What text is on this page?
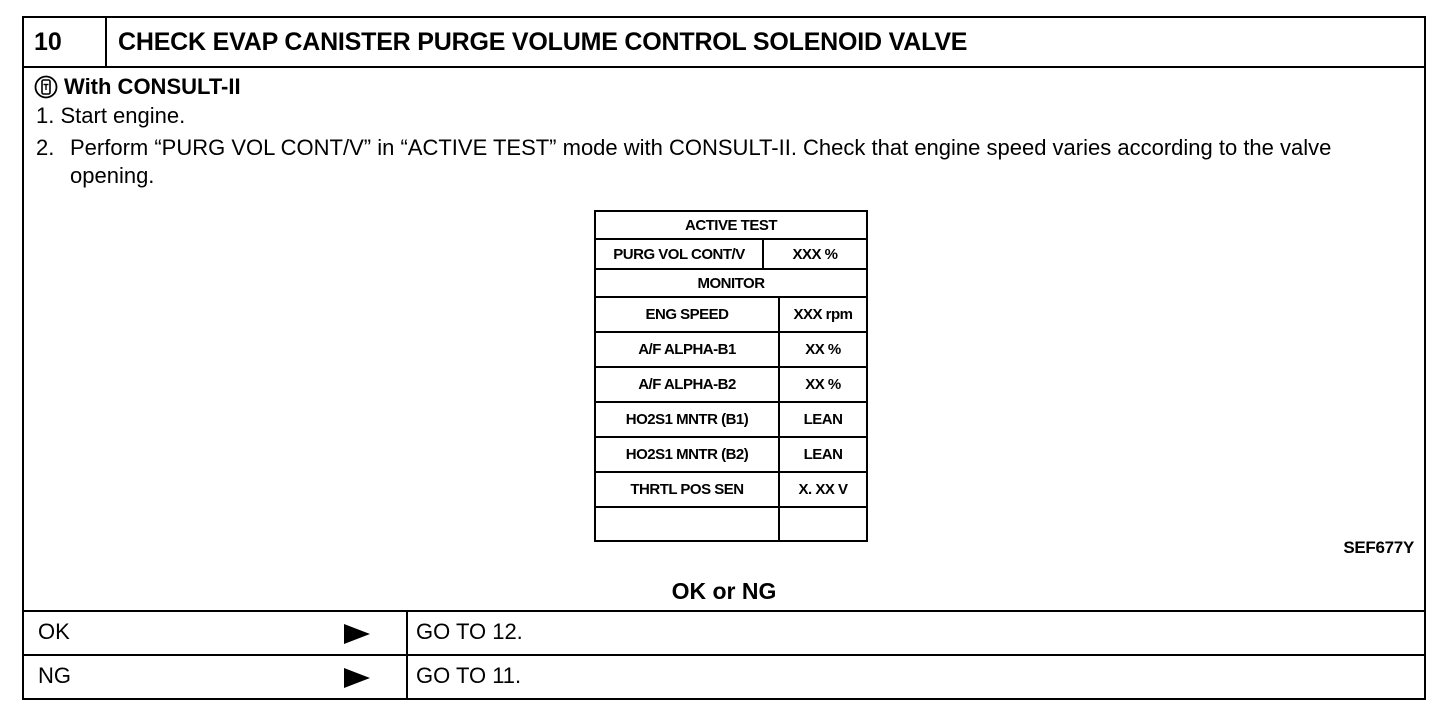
10	CHECK EVAP CANISTER PURGE VOLUME CONTROL SOLENOID VALVE
With CONSULT-II
1. Start engine.
2. Perform “PURG VOL CONT/V” in “ACTIVE TEST” mode with CONSULT-II. Check that engine speed varies according to the valve opening.
ACTIVE TEST
PURG VOL CONT/V	XXX %
MONITOR
ENG SPEED	XXX rpm
A/F ALPHA-B1	XX %
A/F ALPHA-B2	XX %
HO2S1 MNTR (B1)	LEAN
HO2S1 MNTR (B2)	LEAN
THRTL POS SEN	X. XX V
SEF677Y
OK or NG
OK	GO TO 12.
NG	GO TO 11.
